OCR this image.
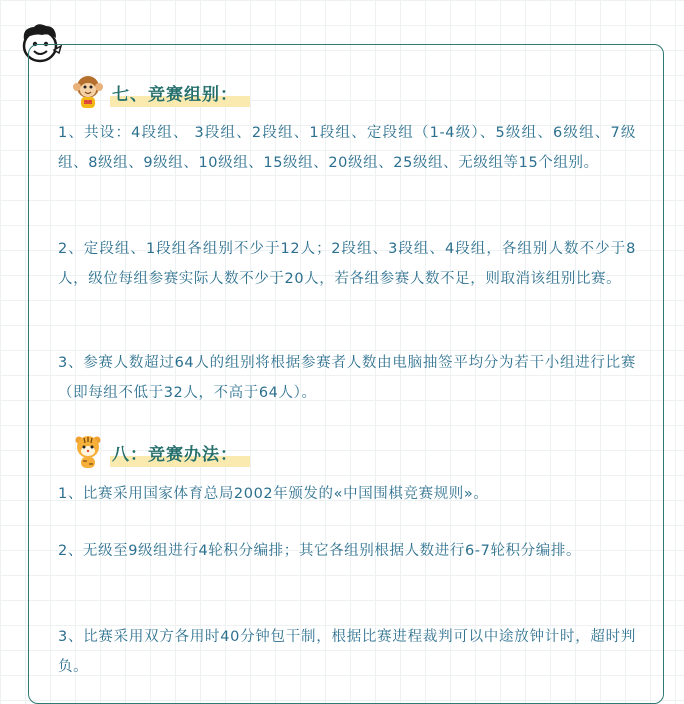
七、竞赛组别：
1、共设：4段组、 3段组、2段组、1段组、定段组（1-4级）、5级组、6级组、7级组、8级组、9级组、10级组、15级组、20级组、25级组、无级组等15个组别。
2、定段组、1段组各组别不少于12人；2段组、3段组、4段组，各组别人数不少于8人，级位每组参赛实际人数不少于20人，若各组参赛人数不足，则取消该组别比赛。
3、参赛人数超过64人的组别将根据参赛者人数由电脑抽签平均分为若干小组进行比赛（即每组不低于32人，不高于64人）。
八：竞赛办法：
1、比赛采用国家体育总局2002年颁发的«中国围棋竞赛规则»。
2、无级至9级组进行4轮积分编排；其它各组别根据人数进行6-7轮积分编排。
3、比赛采用双方各用时40分钟包干制，根据比赛进程裁判可以中途放钟计时，超时判负。
